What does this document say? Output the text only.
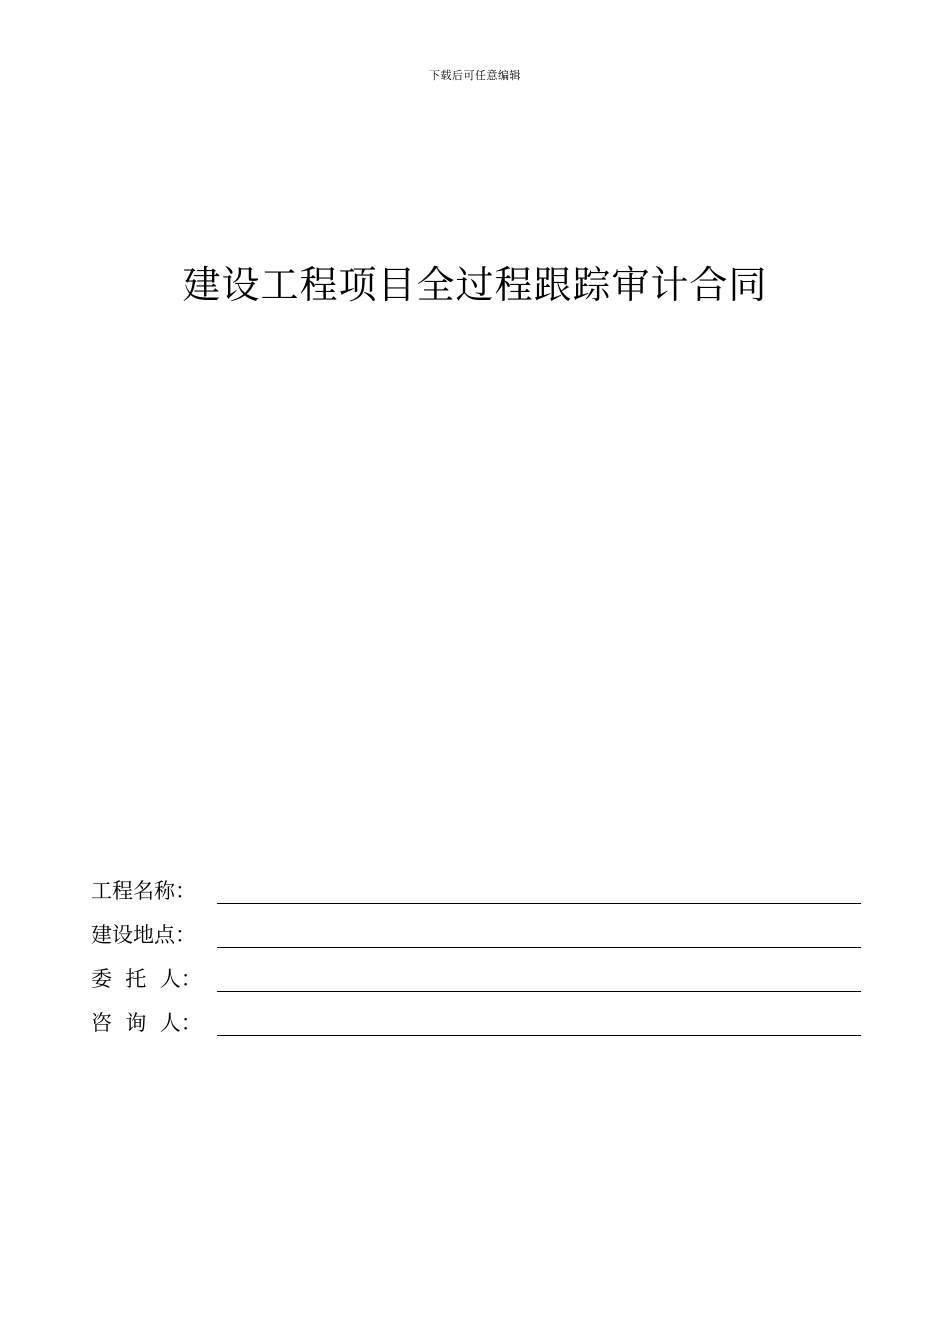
下载后可任意编辑
建设工程项目全过程跟踪审计合同
工程名称：
建设地点：
委  托  人：
咨  询  人：
